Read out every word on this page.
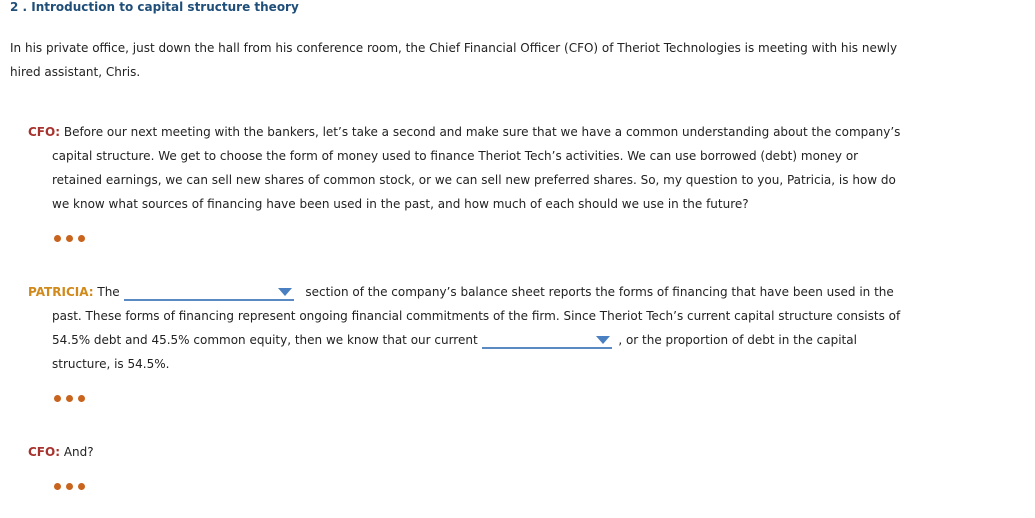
2 . Introduction to capital structure theory
In his private office, just down the hall from his conference room, the Chief Financial Officer (CFO) of Theriot Technologies is meeting with his newly
hired assistant, Chris.
CFO: Before our next meeting with the bankers, let’s take a second and make sure that we have a common understanding about the company’s
capital structure. We get to choose the form of money used to finance Theriot Tech’s activities. We can use borrowed (debt) money or
retained earnings, we can sell new shares of common stock, or we can sell new preferred shares. So, my question to you, Patricia, is how do
we know what sources of financing have been used in the past, and how much of each should we use in the future?
PATRICIA: The	section of the company’s balance sheet reports the forms of financing that have been used in the
past. These forms of financing represent ongoing financial commitments of the firm. Since Theriot Tech’s current capital structure consists of
54.5% debt and 45.5% common equity, then we know that our current	, or the proportion of debt in the capital
structure, is 54.5%.
CFO: And?
